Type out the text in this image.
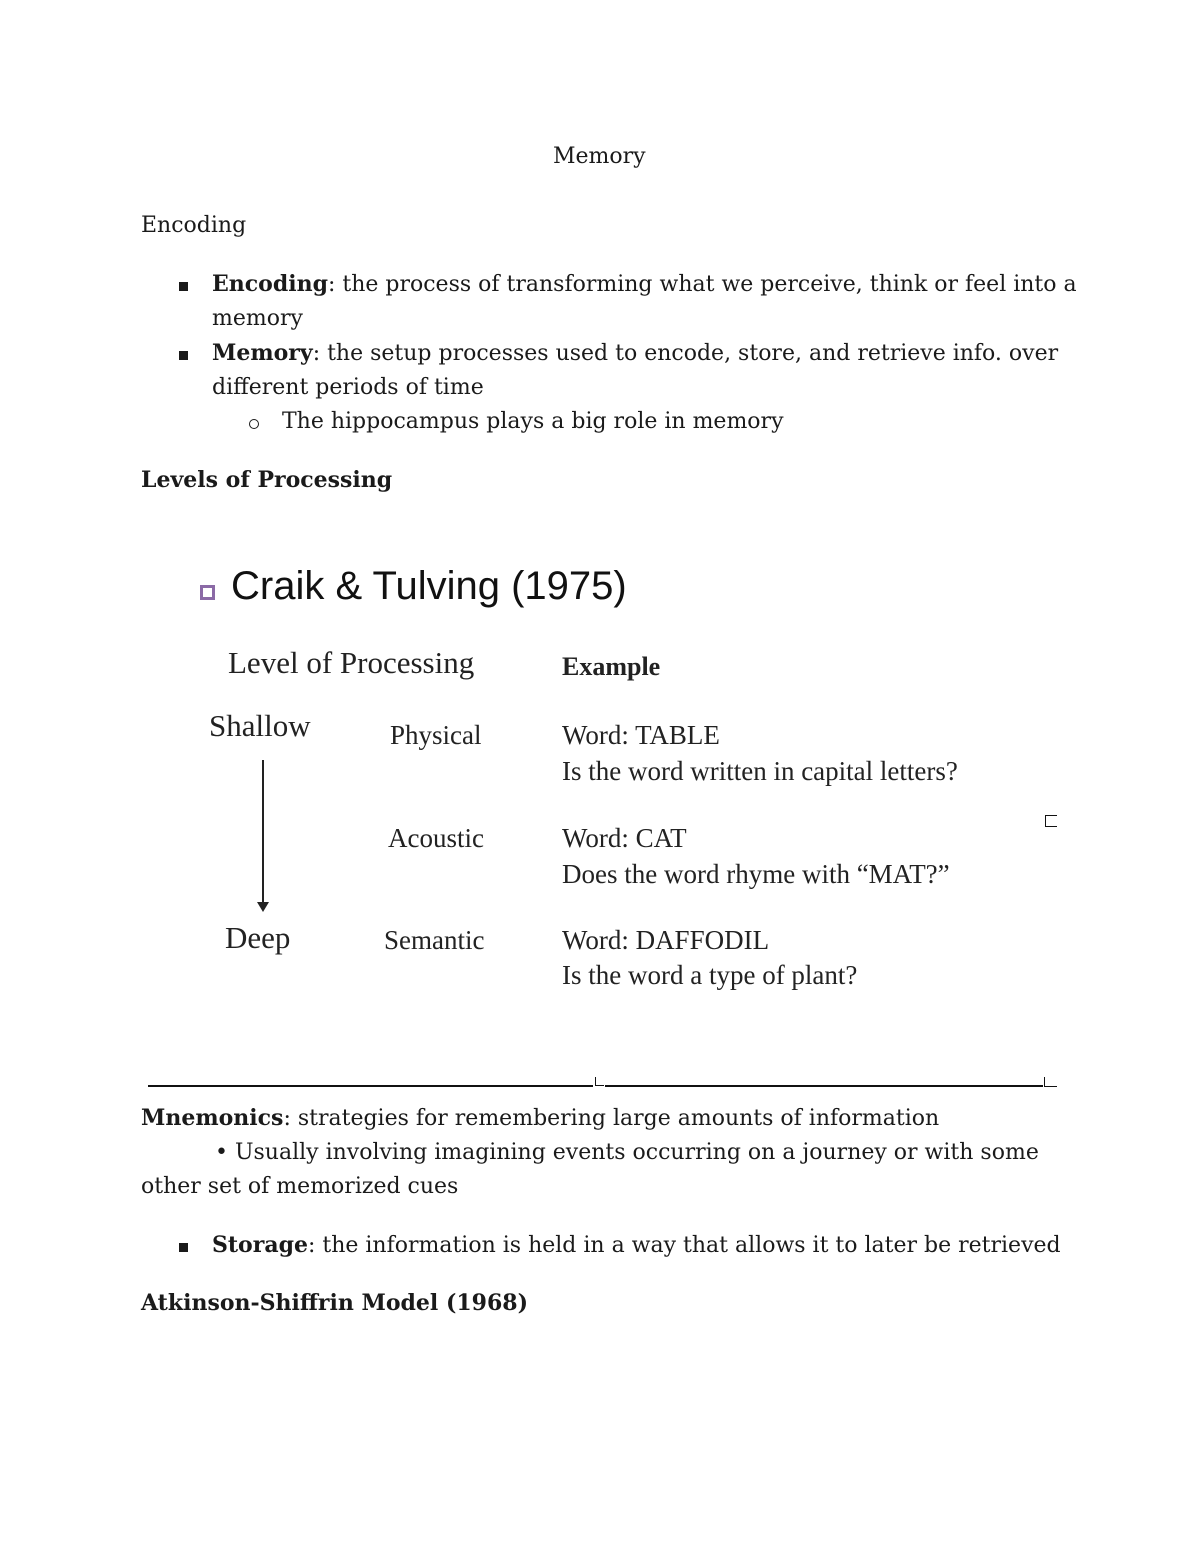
Memory
Encoding
Encoding: the process of transforming what we perceive, think or feel into a
memory
Memory: the setup processes used to encode, store, and retrieve info. over
different periods of time
The hippocampus plays a big role in memory
Levels of Processing
Craik & Tulving (1975)
Level of Processing	Example
Shallow
Deep
Physical	Word: TABLE
Is the word written in capital letters?
Acoustic	Word: CAT
Does the word rhyme with “MAT?”
Semantic	Word: DAFFODIL
Is the word a type of plant?
Mnemonics: strategies for remembering large amounts of information
• Usually involving imagining events occurring on a journey or with some
other set of memorized cues
Storage: the information is held in a way that allows it to later be retrieved
Atkinson-Shiffrin Model (1968)
